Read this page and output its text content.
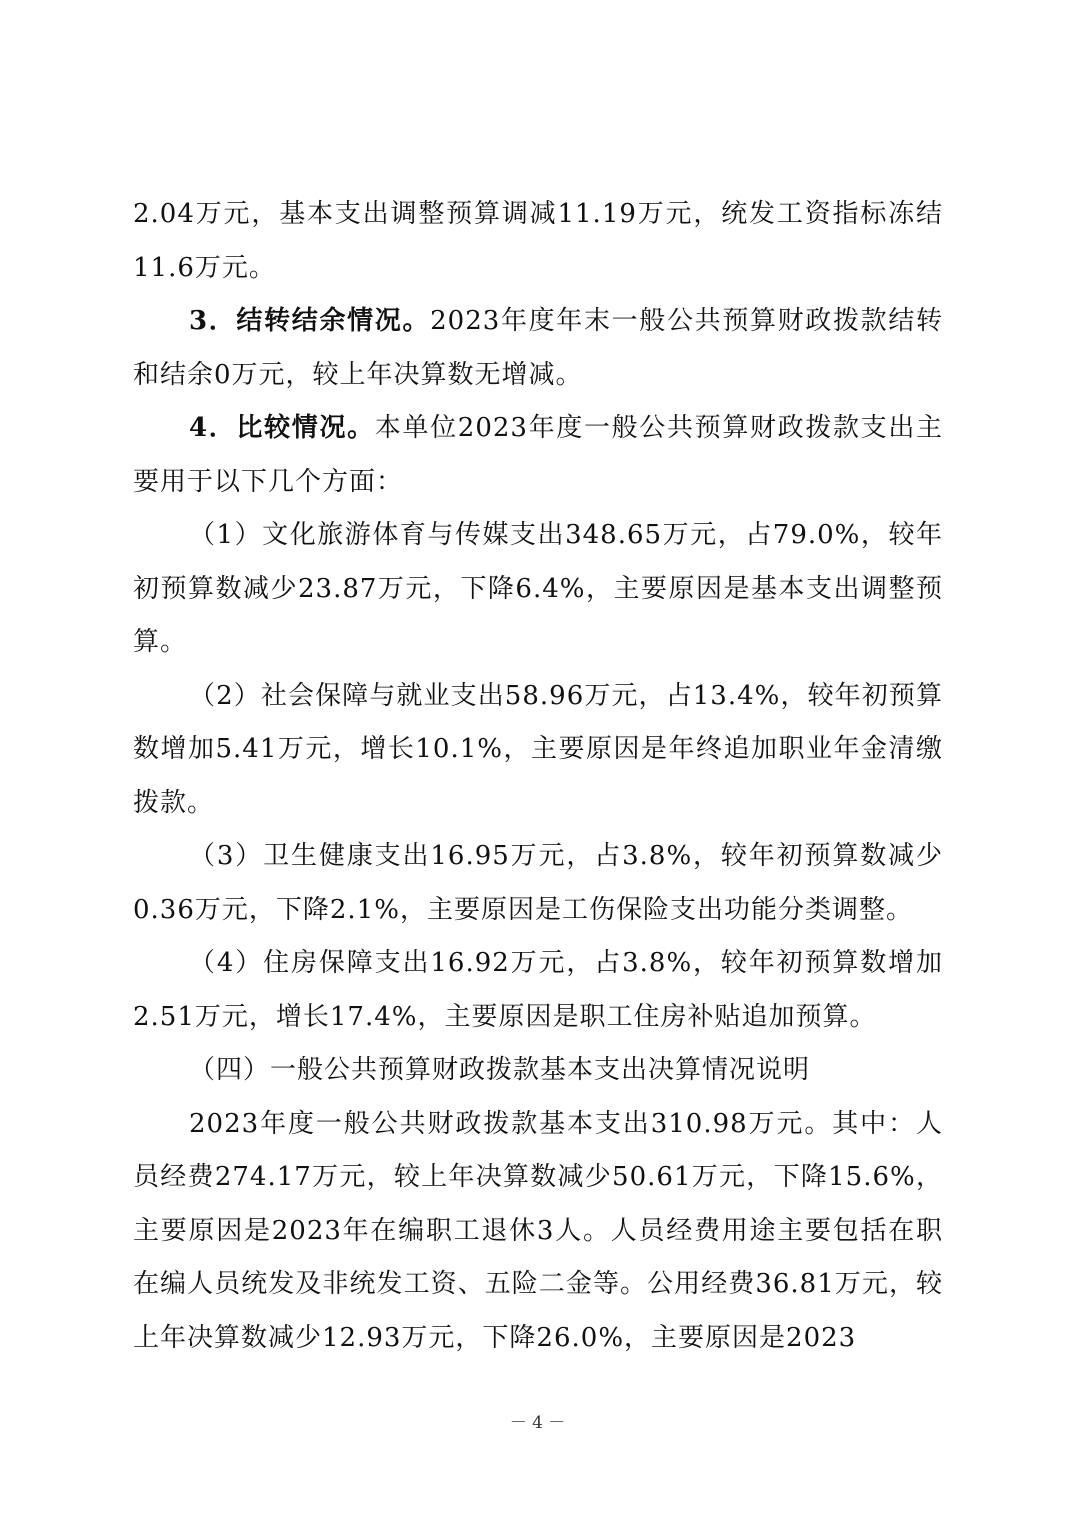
2.04万元，基本支出调整预算调减11.19万元，统发工资指标冻结11.6万元。

3．结转结余情况。2023年度年末一般公共预算财政拨款结转和结余0万元，较上年决算数无增减。

4．比较情况。本单位2023年度一般公共预算财政拨款支出主要用于以下几个方面：

（1）文化旅游体育与传媒支出348.65万元，占79.0%，较年初预算数减少23.87万元，下降6.4%，主要原因是基本支出调整预算。

（2）社会保障与就业支出58.96万元，占13.4%，较年初预算数增加5.41万元，增长10.1%，主要原因是年终追加职业年金清缴拨款。

（3）卫生健康支出16.95万元，占3.8%，较年初预算数减少0.36万元，下降2.1%，主要原因是工伤保险支出功能分类调整。

（4）住房保障支出16.92万元，占3.8%，较年初预算数增加2.51万元，增长17.4%，主要原因是职工住房补贴追加预算。

（四）一般公共预算财政拨款基本支出决算情况说明

2023年度一般公共财政拨款基本支出310.98万元。其中：人员经费274.17万元，较上年决算数减少50.61万元，下降15.6%，主要原因是2023年在编职工退休3人。人员经费用途主要包括在职在编人员统发及非统发工资、五险二金等。公用经费36.81万元，较上年决算数减少12.93万元，下降26.0%，主要原因是2023

－ 4 －
